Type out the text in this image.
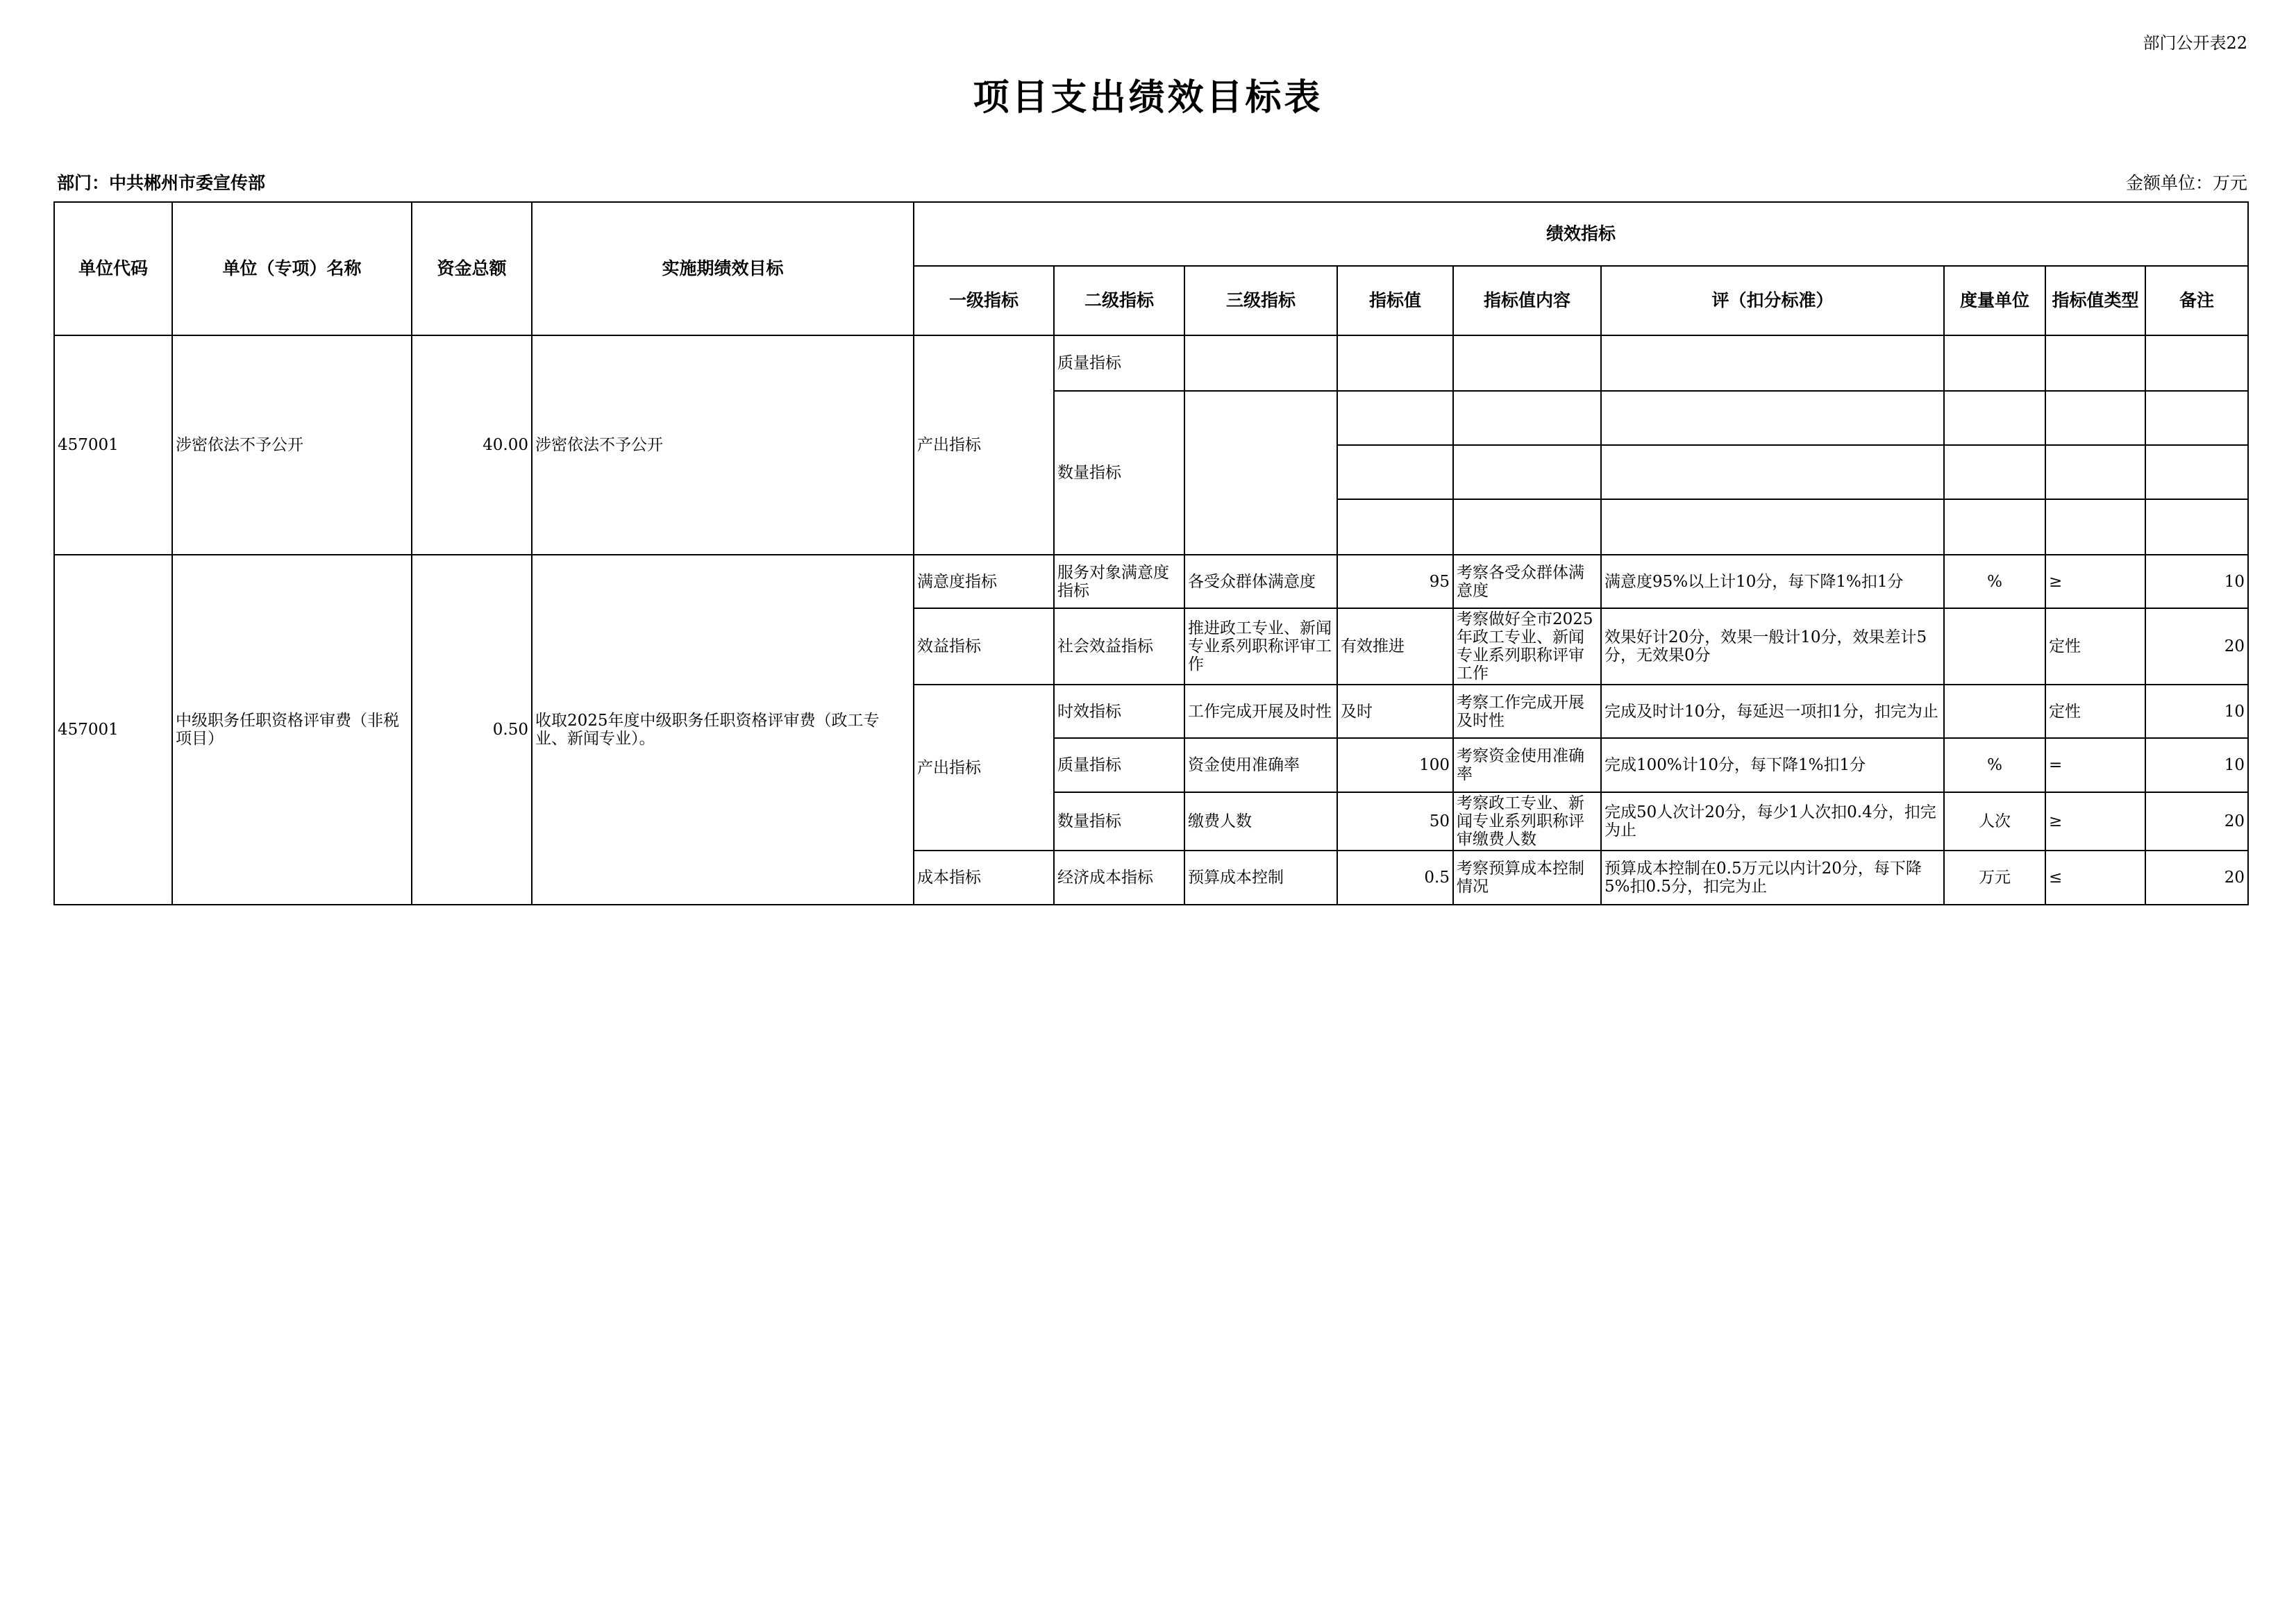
部门公开表22
项目支出绩效目标表
部门：中共郴州市委宣传部	金额单位：万元
单位代码	单位（专项）名称	资金总额	实施期绩效目标	绩效指标								
				一级指标	二级指标	三级指标	指标值	指标值内容	评（扣分标准）	度量单位	指标值类型	备注
457001	涉密依法不予公开	40.00	涉密依法不予公开	产出指标	质量指标							
					数量指标							

457001	中级职务任职资格评审费（非税项目）	0.50	收取2025年度中级职务任职资格评审费（政工专业、新闻专业）。	满意度指标	服务对象满意度指标	各受众群体满意度	95	考察各受众群体满意度	满意度95%以上计10分，每下降1%扣1分	%	≥	10
				效益指标	社会效益指标	推进政工专业、新闻专业系列职称评审工作	有效推进	考察做好全市2025年政工专业、新闻专业系列职称评审工作	效果好计20分，效果一般计10分，效果差计5分，无效果0分		定性	20
				产出指标	时效指标	工作完成开展及时性	及时	考察工作完成开展及时性	完成及时计10分，每延迟一项扣1分，扣完为止		定性	10
					质量指标	资金使用准确率	100	考察资金使用准确率	完成100%计10分，每下降1%扣1分	%	=	10
					数量指标	缴费人数	50	考察政工专业、新闻专业系列职称评审缴费人数	完成50人次计20分，每少1人次扣0.4分，扣完为止	人次	≥	20
				成本指标	经济成本指标	预算成本控制	0.5	考察预算成本控制情况	预算成本控制在0.5万元以内计20分，每下降5%扣0.5分，扣完为止	万元	≤	20
